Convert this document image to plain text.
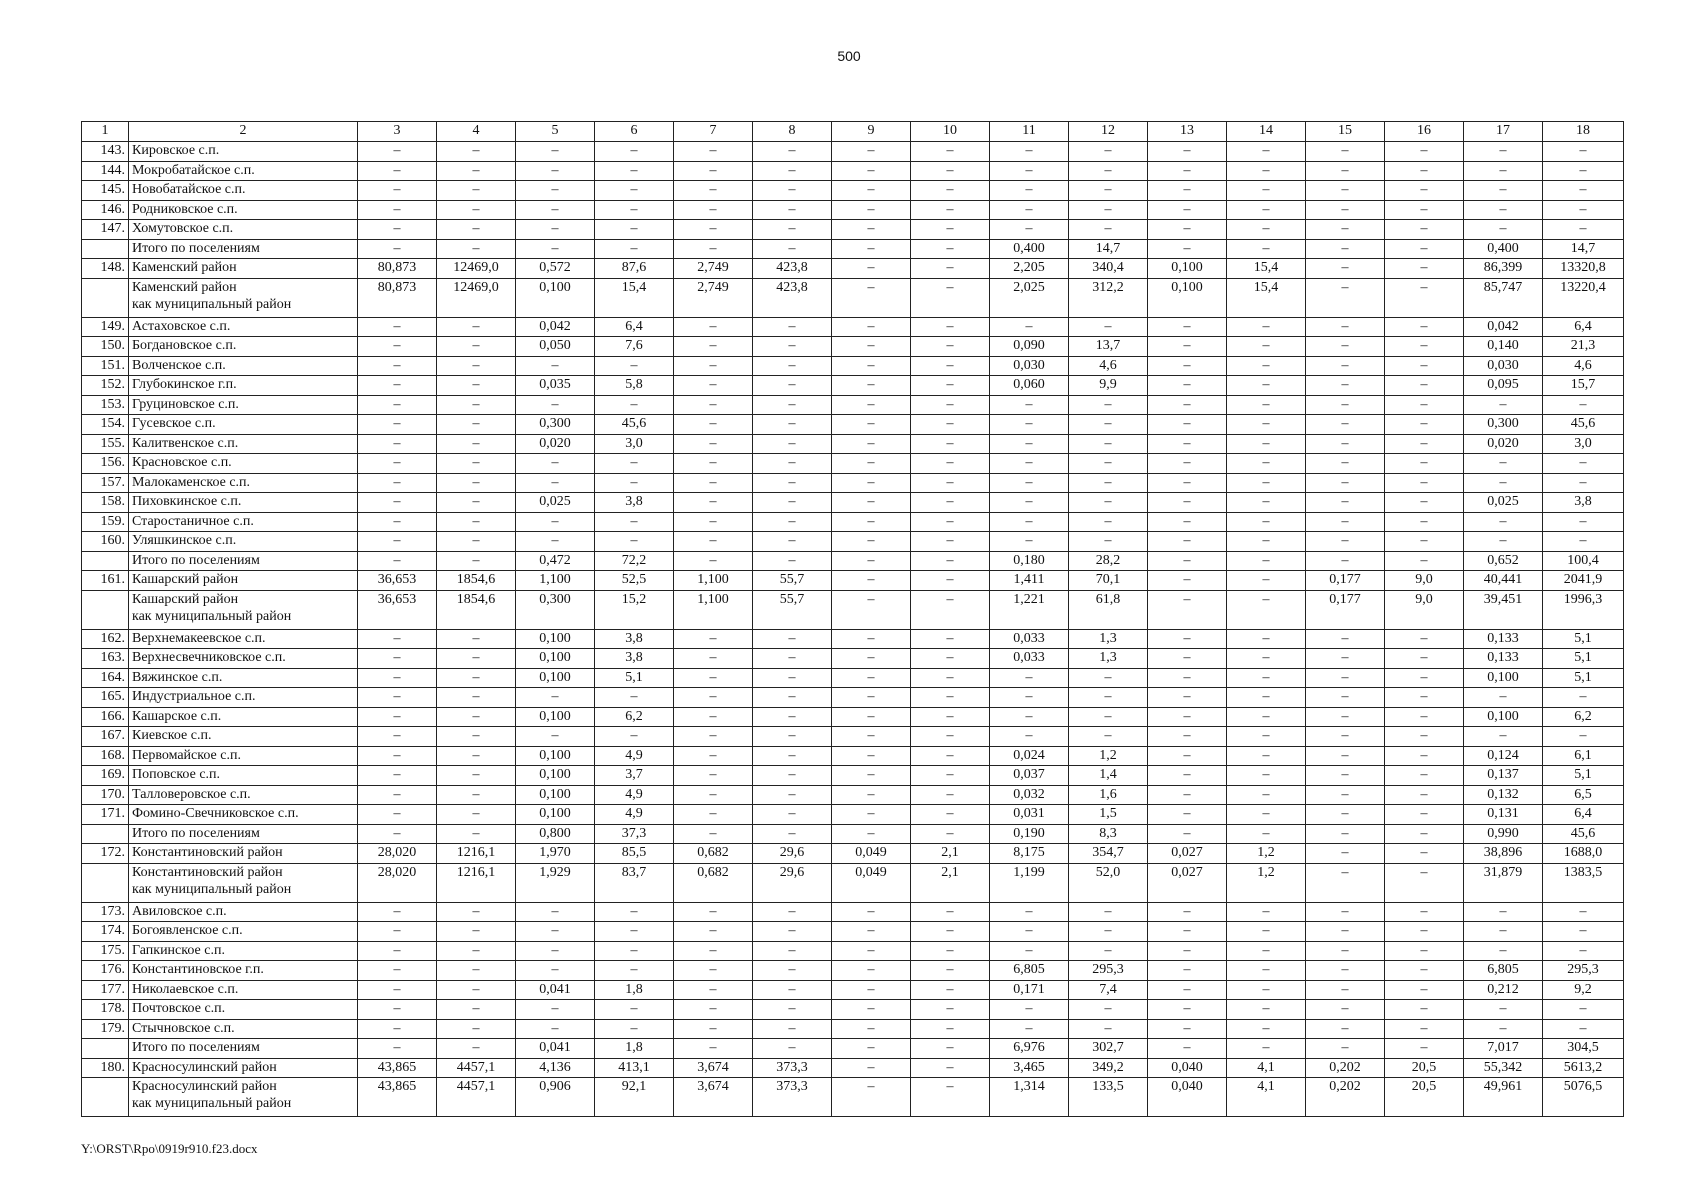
500
1	2	3	4	5	6	7	8	9	10	11	12	13	14	15	16	17	18
143.	Кировское с.п.	–	–	–	–	–	–	–	–	–	–	–	–	–	–	–	–
144.	Мокробатайское с.п.	–	–	–	–	–	–	–	–	–	–	–	–	–	–	–	–
145.	Новобатайское с.п.	–	–	–	–	–	–	–	–	–	–	–	–	–	–	–	–
146.	Родниковское с.п.	–	–	–	–	–	–	–	–	–	–	–	–	–	–	–	–
147.	Хомутовское с.п.	–	–	–	–	–	–	–	–	–	–	–	–	–	–	–	–
	Итого по поселениям	–	–	–	–	–	–	–	–	0,400	14,7	–	–	–	–	0,400	14,7
148.	Каменский район	80,873	12469,0	0,572	87,6	2,749	423,8	–	–	2,205	340,4	0,100	15,4	–	–	86,399	13320,8
	Каменский район
как муниципальный район	80,873	12469,0	0,100	15,4	2,749	423,8	–	–	2,025	312,2	0,100	15,4	–	–	85,747	13220,4
149.	Астаховское с.п.	–	–	0,042	6,4	–	–	–	–	–	–	–	–	–	–	0,042	6,4
150.	Богдановское с.п.	–	–	0,050	7,6	–	–	–	–	0,090	13,7	–	–	–	–	0,140	21,3
151.	Волченское с.п.	–	–	–	–	–	–	–	–	0,030	4,6	–	–	–	–	0,030	4,6
152.	Глубокинское г.п.	–	–	0,035	5,8	–	–	–	–	0,060	9,9	–	–	–	–	0,095	15,7
153.	Груциновское с.п.	–	–	–	–	–	–	–	–	–	–	–	–	–	–	–	–
154.	Гусевское с.п.	–	–	0,300	45,6	–	–	–	–	–	–	–	–	–	–	0,300	45,6
155.	Калитвенское с.п.	–	–	0,020	3,0	–	–	–	–	–	–	–	–	–	–	0,020	3,0
156.	Красновское с.п.	–	–	–	–	–	–	–	–	–	–	–	–	–	–	–	–
157.	Малокаменское с.п.	–	–	–	–	–	–	–	–	–	–	–	–	–	–	–	–
158.	Пиховкинское с.п.	–	–	0,025	3,8	–	–	–	–	–	–	–	–	–	–	0,025	3,8
159.	Старостаничное с.п.	–	–	–	–	–	–	–	–	–	–	–	–	–	–	–	–
160.	Уляшкинское с.п.	–	–	–	–	–	–	–	–	–	–	–	–	–	–	–	–
	Итого по поселениям	–	–	0,472	72,2	–	–	–	–	0,180	28,2	–	–	–	–	0,652	100,4
161.	Кашарский район	36,653	1854,6	1,100	52,5	1,100	55,7	–	–	1,411	70,1	–	–	0,177	9,0	40,441	2041,9
	Кашарский район
как муниципальный район	36,653	1854,6	0,300	15,2	1,100	55,7	–	–	1,221	61,8	–	–	0,177	9,0	39,451	1996,3
162.	Верхнемакеевское с.п.	–	–	0,100	3,8	–	–	–	–	0,033	1,3	–	–	–	–	0,133	5,1
163.	Верхнесвечниковское с.п.	–	–	0,100	3,8	–	–	–	–	0,033	1,3	–	–	–	–	0,133	5,1
164.	Вяжинское с.п.	–	–	0,100	5,1	–	–	–	–	–	–	–	–	–	–	0,100	5,1
165.	Индустриальное с.п.	–	–	–	–	–	–	–	–	–	–	–	–	–	–	–	–
166.	Кашарское с.п.	–	–	0,100	6,2	–	–	–	–	–	–	–	–	–	–	0,100	6,2
167.	Киевское с.п.	–	–	–	–	–	–	–	–	–	–	–	–	–	–	–	–
168.	Первомайское с.п.	–	–	0,100	4,9	–	–	–	–	0,024	1,2	–	–	–	–	0,124	6,1
169.	Поповское с.п.	–	–	0,100	3,7	–	–	–	–	0,037	1,4	–	–	–	–	0,137	5,1
170.	Талловеровское с.п.	–	–	0,100	4,9	–	–	–	–	0,032	1,6	–	–	–	–	0,132	6,5
171.	Фомино-Свечниковское с.п.	–	–	0,100	4,9	–	–	–	–	0,031	1,5	–	–	–	–	0,131	6,4
	Итого по поселениям	–	–	0,800	37,3	–	–	–	–	0,190	8,3	–	–	–	–	0,990	45,6
172.	Константиновский район	28,020	1216,1	1,970	85,5	0,682	29,6	0,049	2,1	8,175	354,7	0,027	1,2	–	–	38,896	1688,0
	Константиновский район
как муниципальный район	28,020	1216,1	1,929	83,7	0,682	29,6	0,049	2,1	1,199	52,0	0,027	1,2	–	–	31,879	1383,5
173.	Авиловское с.п.	–	–	–	–	–	–	–	–	–	–	–	–	–	–	–	–
174.	Богоявленское с.п.	–	–	–	–	–	–	–	–	–	–	–	–	–	–	–	–
175.	Гапкинское с.п.	–	–	–	–	–	–	–	–	–	–	–	–	–	–	–	–
176.	Константиновское г.п.	–	–	–	–	–	–	–	–	6,805	295,3	–	–	–	–	6,805	295,3
177.	Николаевское с.п.	–	–	0,041	1,8	–	–	–	–	0,171	7,4	–	–	–	–	0,212	9,2
178.	Почтовское с.п.	–	–	–	–	–	–	–	–	–	–	–	–	–	–	–	–
179.	Стычновское с.п.	–	–	–	–	–	–	–	–	–	–	–	–	–	–	–	–
	Итого по поселениям	–	–	0,041	1,8	–	–	–	–	6,976	302,7	–	–	–	–	7,017	304,5
180.	Красносулинский район	43,865	4457,1	4,136	413,1	3,674	373,3	–	–	3,465	349,2	0,040	4,1	0,202	20,5	55,342	5613,2
	Красносулинский район
как муниципальный район	43,865	4457,1	0,906	92,1	3,674	373,3	–	–	1,314	133,5	0,040	4,1	0,202	20,5	49,961	5076,5
Y:\ORST\Rpo\0919r910.f23.docx
